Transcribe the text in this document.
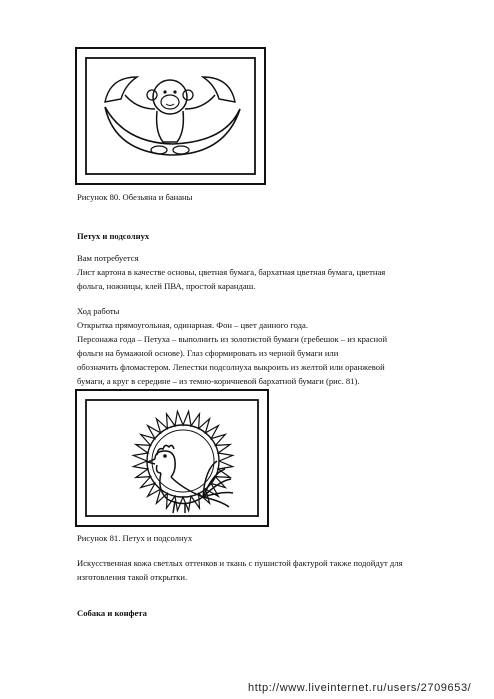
Рисунок 80. Обезьяна и бананы
Петух и подсолнух
Вам потребуется
Лист картона в качестве основы, цветная бумага, бархатная цветная бумага, цветная
фольга, ножницы, клей ПВА, простой карандаш.
Ход работы
Открытка прямоугольная, одинарная. Фон – цвет данного года.
Персонажа года – Петуха – выполнить из золотистой бумаги (гребешок – из красной
фольги на бумажной основе). Глаз сформировать из черной бумаги или
обозначить фломастером. Лепестки подсолнуха выкроить из желтой или оранжевой
бумаги, а круг в середине – из темно-коричневой бархатной бумаги (рис. 81).
Рисунок 81. Петух и подсолнух
Искусственная кожа светлых оттенков и ткань с пушистой фактурой также подойдут для
изготовления такой открытки.
Собака и конфета
http://www.liveinternet.ru/users/2709653/
